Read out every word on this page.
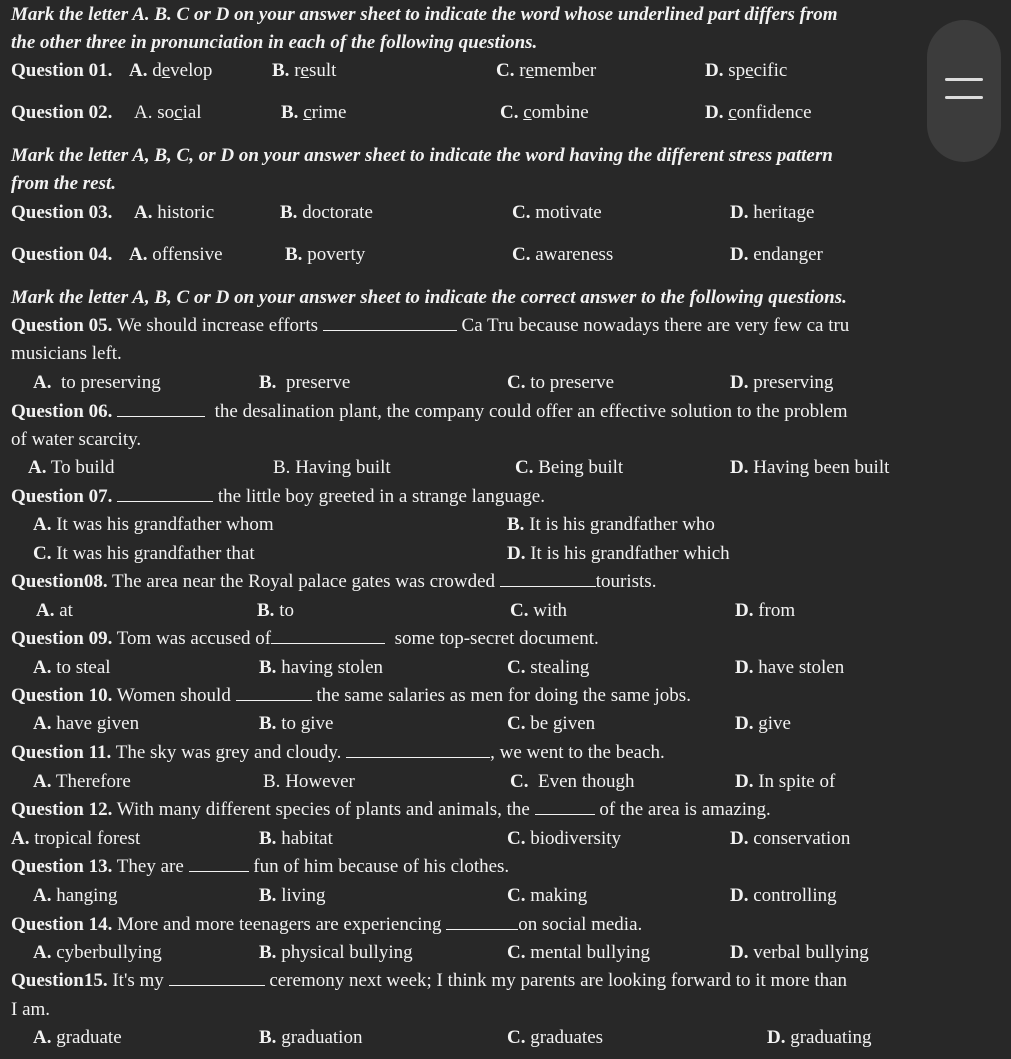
Mark the letter A. B. C or D on your answer sheet to indicate the word whose underlined part differs from
the other three in pronunciation in each of the following questions.
Question 01. A. develop	B. result	C. remember	D. specific
Question 02. A. social	B. crime	C. combine	D. confidence
Mark the letter A, B, C, or D on your answer sheet to indicate the word having the different stress pattern
from the rest.
Question 03. A. historic	B. doctorate	C. motivate	D. heritage
Question 04. A. offensive	B. poverty	C. awareness	D. endanger
Mark the letter A, B, C or D on your answer sheet to indicate the correct answer to the following questions.
Question 05. We should increase efforts	Ca Tru because nowadays there are very few ca tru
musicians left.
A. to preserving	B. preserve	C. to preserve	D. preserving
Question 06.	the desalination plant, the company could offer an effective solution to the problem
of water scarcity.
A. To build	B. Having built	C. Being built	D. Having been built
Question 07.	the little boy greeted in a strange language.
A. It was his grandfather whom	B. It is his grandfather who
C. It was his grandfather that	D. It is his grandfather which
Question08. The area near the Royal palace gates was crowded	tourists.
A. at	B. to	C. with	D. from
Question 09. Tom was accused of	some top-secret document.
A. to steal	B. having stolen	C. stealing	D. have stolen
Question 10. Women should	the same salaries as men for doing the same jobs.
A. have given	B. to give	C. be given	D. give
Question 11. The sky was grey and cloudy.	, we went to the beach.
A. Therefore	B. However	C. Even though	D. In spite of
Question 12. With many different species of plants and animals, the	of the area is amazing.
A. tropical forest	B. habitat	C. biodiversity	D. conservation
Question 13. They are	fun of him because of his clothes.
A. hanging	B. living	C. making	D. controlling
Question 14. More and more teenagers are experiencing	on social media.
A. cyberbullying	B. physical bullying	C. mental bullying	D. verbal bullying
Question15. It's my	ceremony next week; I think my parents are looking forward to it more than
I am.
A. graduate	B. graduation	C. graduates	D. graduating
